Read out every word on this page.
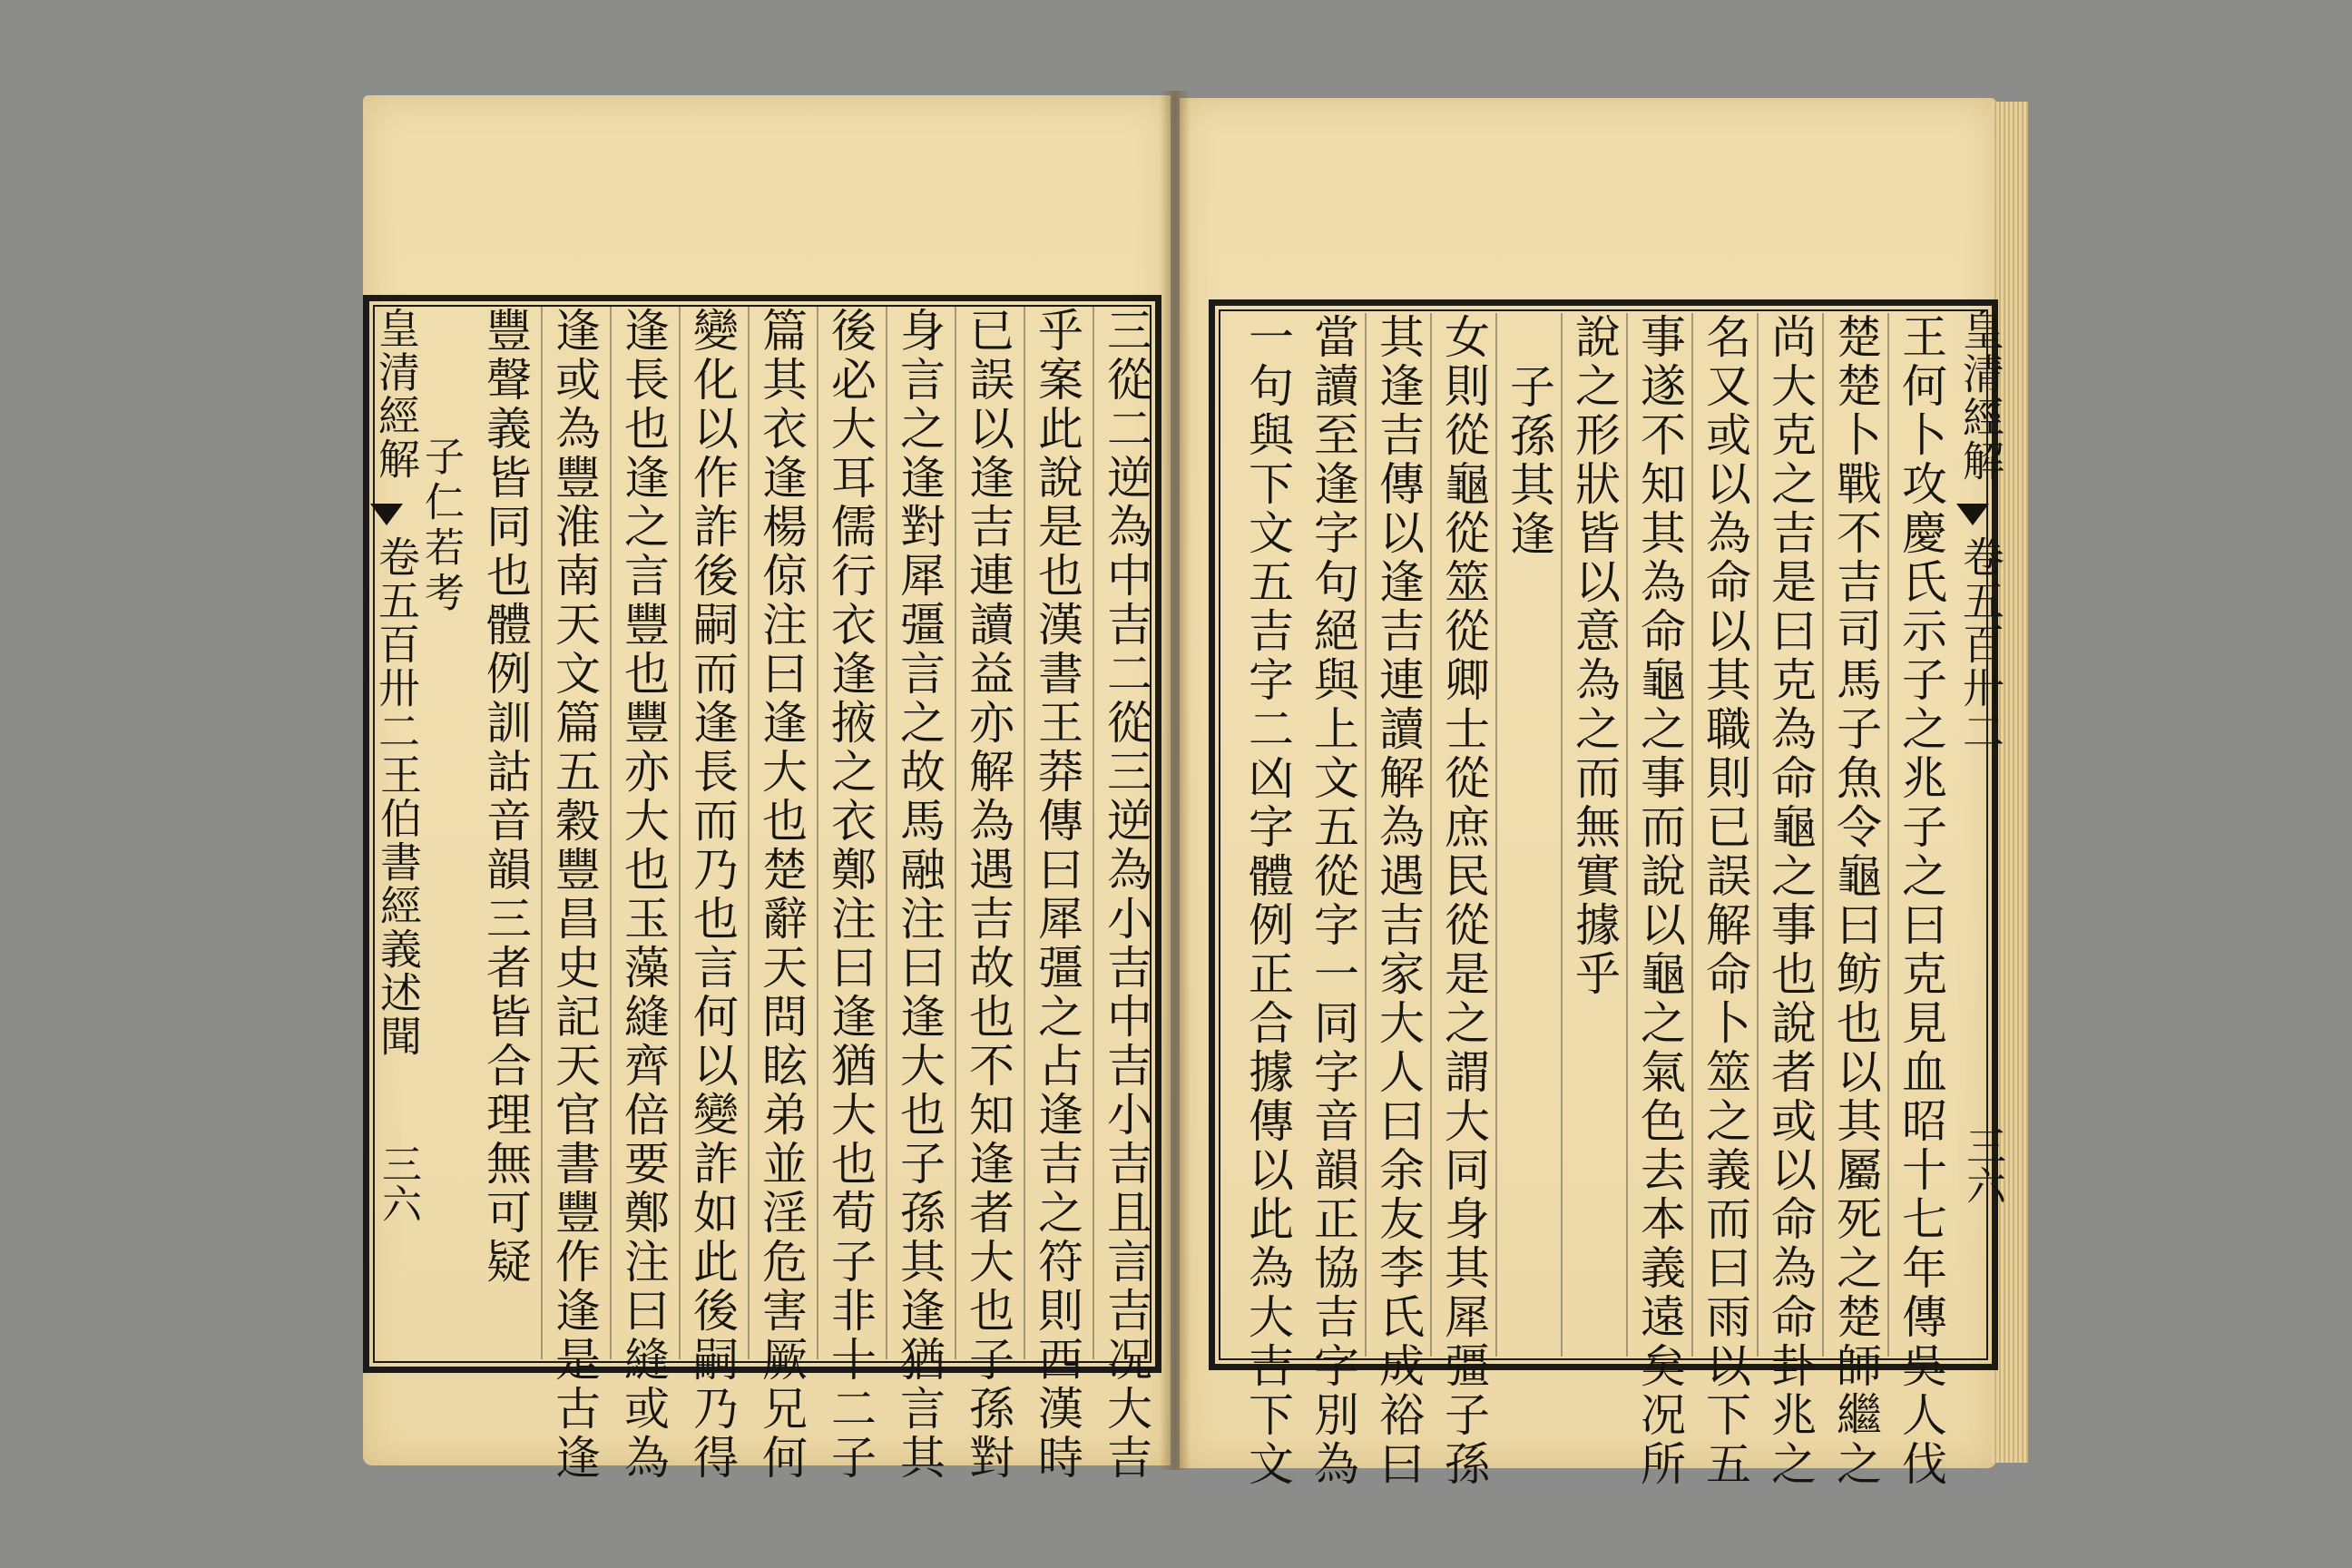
三從二逆為中吉二從三逆為小吉中吉小吉且言吉况大吉
乎案此說是也漢書王莽傳曰犀彊之占逢吉之符則西漢時
已誤以逢吉連讀益亦解為遇吉故也不知逢者大也子孫對
身言之逢對犀彊言之故馬融注曰逢大也子孫其逢猶言其
後必大耳儒行衣逢掖之衣鄭注曰逢猶大也荀子非十二子
篇其衣逢楊倞注曰逢大也楚辭天問眩弟並淫危害厥兄何
變化以作詐後嗣而逢長而乃也言何以變詐如此後嗣乃得
逢長也逢之言豐也豐亦大也玉藻縫齊倍要鄭注曰縫或為
逢或為豐淮南天文篇五穀豐昌史記天官書豐作逢是古逢
豐聲義皆同也體例訓詁音韻三者皆合理無可疑
皇清經解
卷五百卅二
王伯書經義述聞
三六	王何卜攻慶氏示子之兆子之曰克見血昭十七年傳吳人伐
楚楚卜戰不吉司馬子魚令龜曰鲂也以其屬死之楚師繼之
尚大克之吉是曰克為命龜之事也說者或以命為命卦兆之
名又或以為命以其職則已誤解命卜筮之義而曰雨以下五
事遂不知其為命龜之事而說以龜之氣色去本義遠矣况所
說之形狀皆以意為之而無實據乎
子孫其逢
女則從龜從筮從卿士從庶民從是之謂大同身其犀彊子孫
其逢吉傳以逢吉連讀解為遇吉家大人曰余友李氏成裕曰
當讀至逢字句絕與上文五從字一同字音韻正協吉字別為	皇清經解
卷五百卅二
三六
子仁若考	一句與下文五吉字二凶字體例正合據傳以此為大吉下文
